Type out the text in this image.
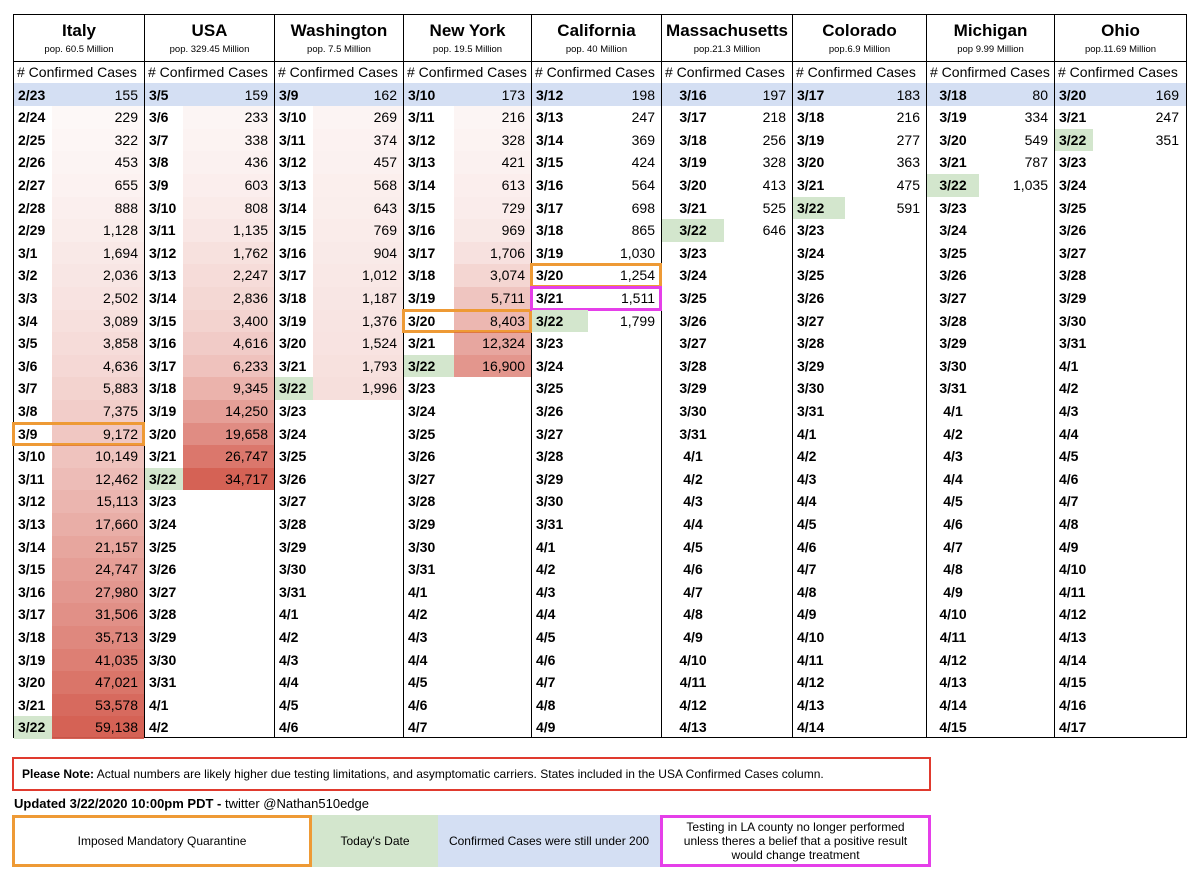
Italy
pop. 60.5 Million
# Confirmed Cases
2/23	155
2/24	229
2/25	322
2/26	453
2/27	655
2/28	888
2/29	1,128
3/1	1,694
3/2	2,036
3/3	2,502
3/4	3,089
3/5	3,858
3/6	4,636
3/7	5,883
3/8	7,375
3/9	9,172
3/10	10,149
3/11	12,462
3/12	15,113
3/13	17,660
3/14	21,157
3/15	24,747
3/16	27,980
3/17	31,506
3/18	35,713
3/19	41,035
3/20	47,021
3/21	53,578
3/22	59,138
USA
pop. 329.45 Million
# Confirmed Cases
3/5	159
3/6	233
3/7	338
3/8	436
3/9	603
3/10	808
3/11	1,135
3/12	1,762
3/13	2,247
3/14	2,836
3/15	3,400
3/16	4,616
3/17	6,233
3/18	9,345
3/19	14,250
3/20	19,658
3/21	26,747
3/22	34,717
3/23
3/24
3/25
3/26
3/27
3/28
3/29
3/30
3/31
4/1
4/2
Washington
pop. 7.5 Million
# Confirmed Cases
3/9	162
3/10	269
3/11	374
3/12	457
3/13	568
3/14	643
3/15	769
3/16	904
3/17	1,012
3/18	1,187
3/19	1,376
3/20	1,524
3/21	1,793
3/22	1,996
3/23
3/24
3/25
3/26
3/27
3/28
3/29
3/30
3/31
4/1
4/2
4/3
4/4
4/5
4/6
New York
pop. 19.5 Million
# Confirmed Cases
3/10	173
3/11	216
3/12	328
3/13	421
3/14	613
3/15	729
3/16	969
3/17	1,706
3/18	3,074
3/19	5,711
3/20	8,403
3/21	12,324
3/22	16,900
3/23
3/24
3/25
3/26
3/27
3/28
3/29
3/30
3/31
4/1
4/2
4/3
4/4
4/5
4/6
4/7
California
pop. 40 Million
# Confirmed Cases
3/12	198
3/13	247
3/14	369
3/15	424
3/16	564
3/17	698
3/18	865
3/19	1,030
3/20	1,254
3/21	1,511
3/22	1,799
3/23
3/24
3/25
3/26
3/27
3/28
3/29
3/30
3/31
4/1
4/2
4/3
4/4
4/5
4/6
4/7
4/8
4/9
Massachusetts
pop.21.3 Million
# Confirmed Cases
3/16	197
3/17	218
3/18	256
3/19	328
3/20	413
3/21	525
3/22	646
3/23
3/24
3/25
3/26
3/27
3/28
3/29
3/30
3/31
4/1
4/2
4/3
4/4
4/5
4/6
4/7
4/8
4/9
4/10
4/11
4/12
4/13
Colorado
pop.6.9 Million
# Confirmed Cases
3/17	183
3/18	216
3/19	277
3/20	363
3/21	475
3/22	591
3/23
3/24
3/25
3/26
3/27
3/28
3/29
3/30
3/31
4/1
4/2
4/3
4/4
4/5
4/6
4/7
4/8
4/9
4/10
4/11
4/12
4/13
4/14
Michigan
pop 9.99 Million
# Confirmed Cases
3/18	80
3/19	334
3/20	549
3/21	787
3/22	1,035
3/23
3/24
3/25
3/26
3/27
3/28
3/29
3/30
3/31
4/1
4/2
4/3
4/4
4/5
4/6
4/7
4/8
4/9
4/10
4/11
4/12
4/13
4/14
4/15
Ohio
pop.11.69 Million
# Confirmed Cases
3/20	169
3/21	247
3/22	351
3/23
3/24
3/25
3/26
3/27
3/28
3/29
3/30
3/31
4/1
4/2
4/3
4/4
4/5
4/6
4/7
4/8
4/9
4/10
4/11
4/12
4/13
4/14
4/15
4/16
4/17
Please Note: Actual numbers are likely higher due testing limitations, and asymptomatic carriers. States included in the USA Confirmed Cases column.
Updated 3/22/2020 10:00pm PDT - twitter @Nathan510edge
Imposed Mandatory Quarantine	Today's Date	Confirmed Cases were still under 200
Testing in LA county no longer performed unless theres a belief that a positive result would change treatment
